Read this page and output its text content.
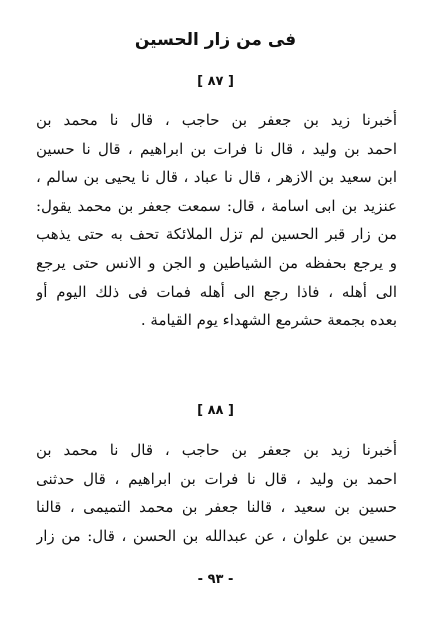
فى من زار الحسين
[ ٨٧ ]
أخبرنا زيد بن جعفر بن حاجب ، قال نا محمد بن
احمد بن وليد ، قال نا فرات بن ابراهيم ، قال نا حسين
ابن سعيد بن الازهر ، قال نا عباد ، قال نا يحيى بن سالم ،
عنزيد بن ابى اسامة ، قال: سمعت جعفر بن محمد يقول:
من زار قبر الحسين لم تزل الملائكة تحف به حتى يذهب
و يرجع بحفظه من الشياطين و الجن و الانس حتى يرجع
الى أهله ، فاذا رجع الى أهله فمات فى ذلك اليوم أو
بعده بجمعة حشرمع الشهداء يوم القيامة .
[ ٨٨ ]
أخبرنا زيد بن جعفر بن حاجب ، قال نا محمد بن
احمد بن وليد ، قال نا فرات بن ابراهيم ، قال حدثنى
حسين بن سعيد ، قالنا جعفر بن محمد التميمى ، قالنا
حسين بن علوان ، عن عبدالله بن الحسن ، قال: من زار
- ٩٣ -
